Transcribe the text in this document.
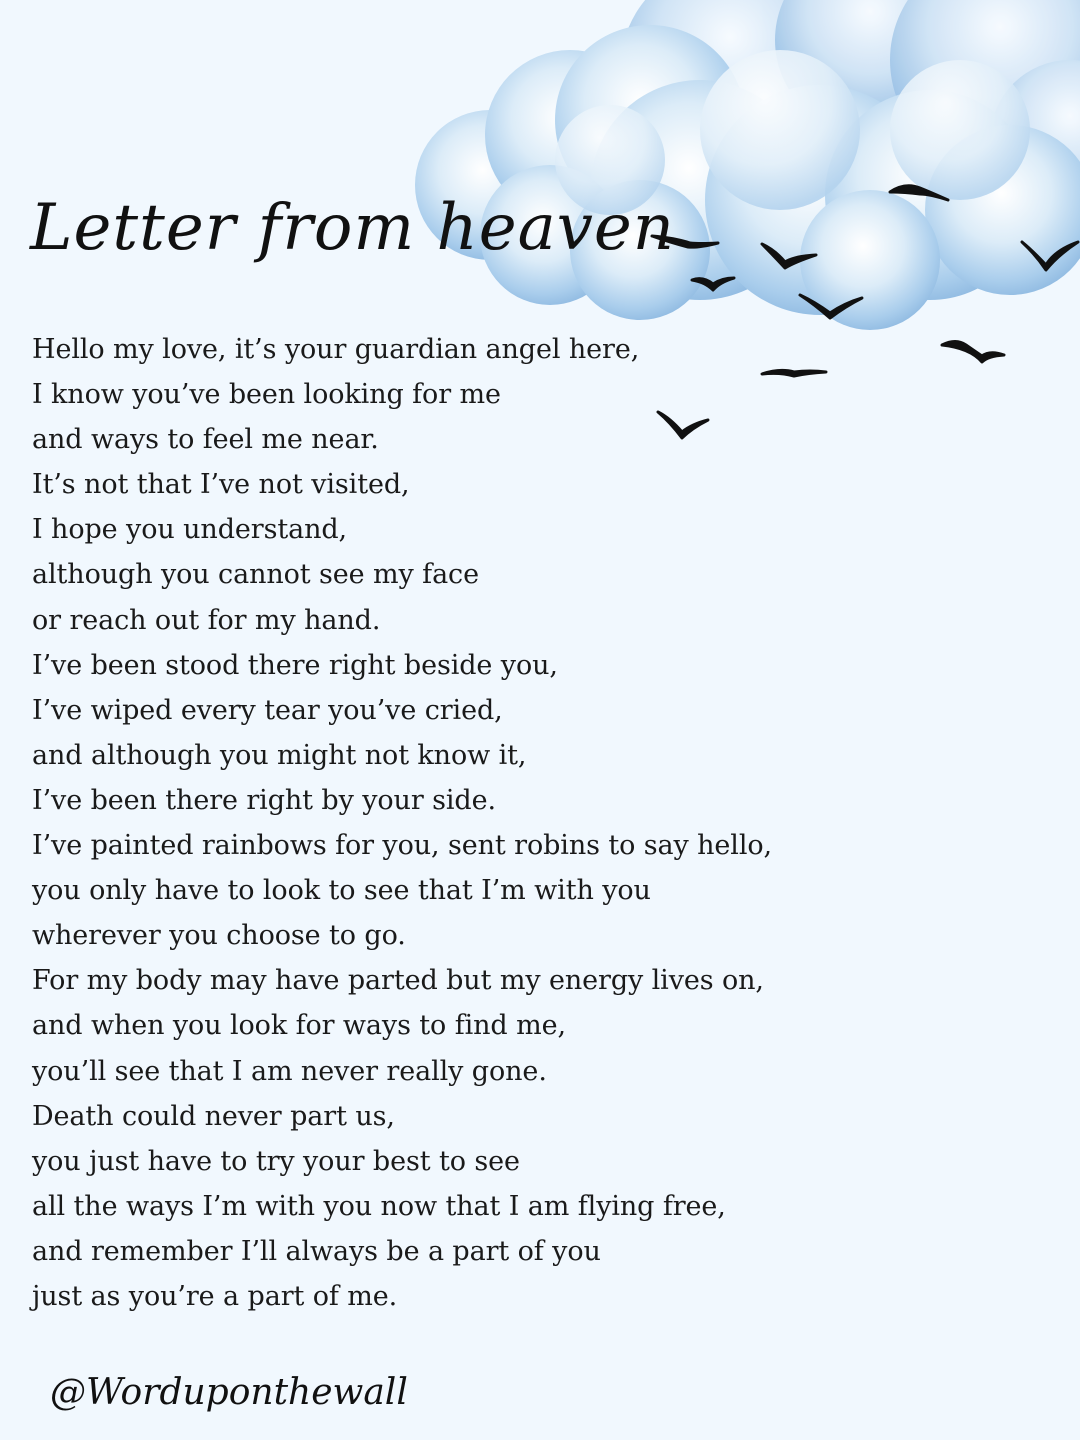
Letter from heaven
Hello my love, it’s your guardian angel here,
I know you’ve been looking for me
and ways to feel me near.
It’s not that I’ve not visited,
I hope you understand,
although you cannot see my face
or reach out for my hand.
I’ve been stood there right beside you,
I’ve wiped every tear you’ve cried,
and although you might not know it,
I’ve been there right by your side.
I’ve painted rainbows for you, sent robins to say hello,
you only have to look to see that I’m with you
wherever you choose to go.
For my body may have parted but my energy lives on,
and when you look for ways to find me,
you’ll see that I am never really gone.
Death could never part us,
you just have to try your best to see
all the ways I’m with you now that I am flying free,
and remember I’ll always be a part of you
just as you’re a part of me.
@Worduponthewall
